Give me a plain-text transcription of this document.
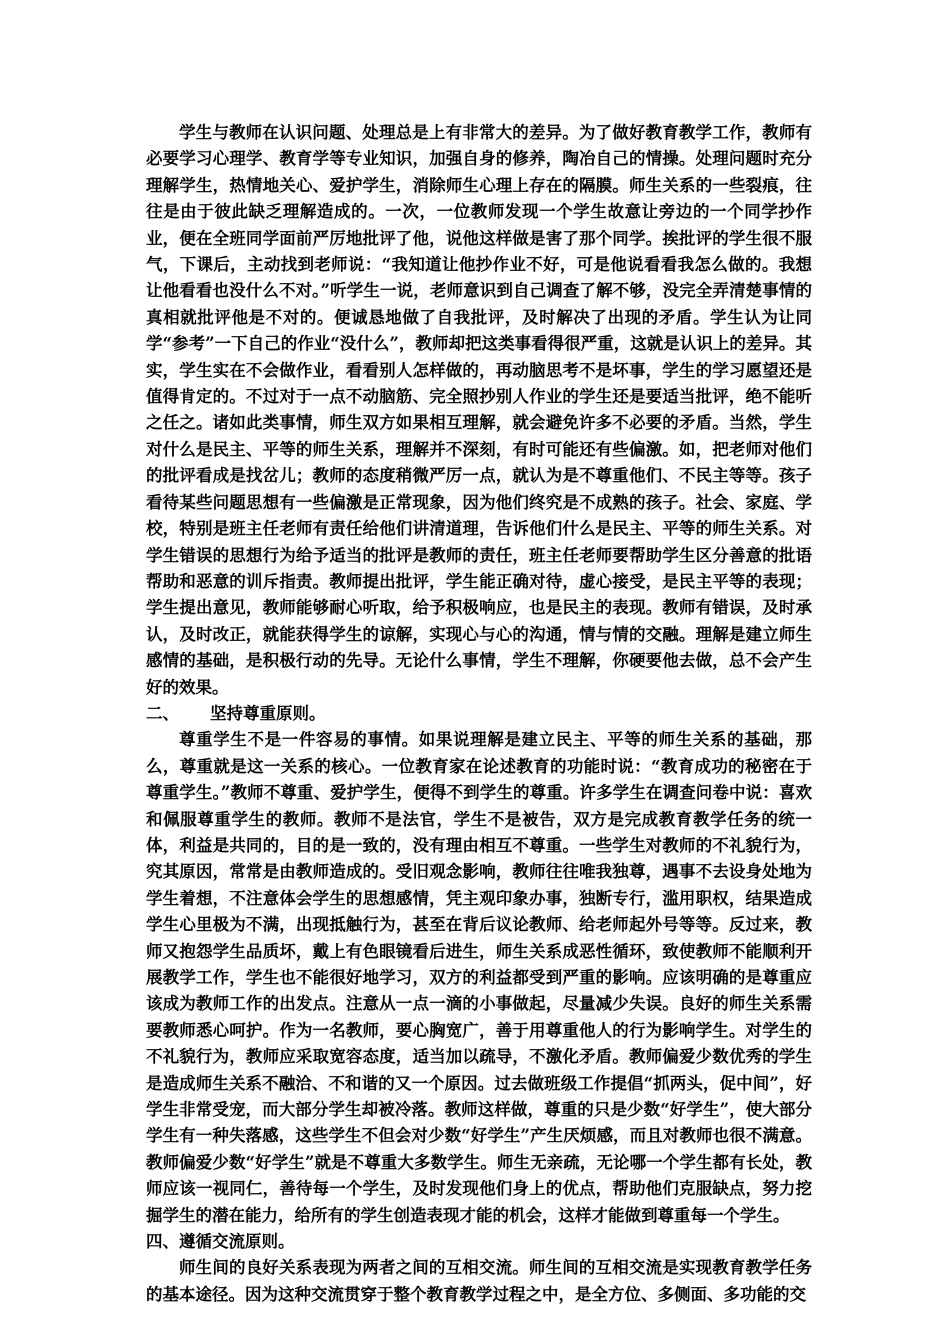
学生与教师在认识问题、处理总是上有非常大的差异。为了做好教育教学工作，教师有必要学习心理学、教育学等专业知识，加强自身的修养，陶冶自己的情操。处理问题时充分理解学生，热情地关心、爱护学生，消除师生心理上存在的隔膜。师生关系的一些裂痕，往往是由于彼此缺乏理解造成的。一次，一位教师发现一个学生故意让旁边的一个同学抄作业，便在全班同学面前严厉地批评了他，说他这样做是害了那个同学。挨批评的学生很不服气，下课后，主动找到老师说：“我知道让他抄作业不好，可是他说看看我怎么做的。我想让他看看也没什么不对。”听学生一说，老师意识到自己调查了解不够，没完全弄清楚事情的真相就批评他是不对的。便诚恳地做了自我批评，及时解决了出现的矛盾。学生认为让同学“参考”一下自己的作业“没什么”，教师却把这类事看得很严重，这就是认识上的差异。其实，学生实在不会做作业，看看别人怎样做的，再动脑思考不是坏事，学生的学习愿望还是值得肯定的。不过对于一点不动脑筋、完全照抄别人作业的学生还是要适当批评，绝不能听之任之。诸如此类事情，师生双方如果相互理解，就会避免许多不必要的矛盾。当然，学生对什么是民主、平等的师生关系，理解并不深刻，有时可能还有些偏激。如，把老师对他们的批评看成是找岔儿；教师的态度稍微严厉一点，就认为是不尊重他们、不民主等等。孩子看待某些问题思想有一些偏激是正常现象，因为他们终究是不成熟的孩子。社会、家庭、学校，特别是班主任老师有责任给他们讲清道理，告诉他们什么是民主、平等的师生关系。对学生错误的思想行为给予适当的批评是教师的责任，班主任老师要帮助学生区分善意的批语帮助和恶意的训斥指责。教师提出批评，学生能正确对待，虚心接受，是民主平等的表现；学生提出意见，教师能够耐心听取，给予积极响应，也是民主的表现。教师有错误，及时承认，及时改正，就能获得学生的谅解，实现心与心的沟通，情与情的交融。理解是建立师生感情的基础，是积极行动的先导。无论什么事情，学生不理解，你硬要他去做，总不会产生好的效果。

二、 坚持尊重原则。

尊重学生不是一件容易的事情。如果说理解是建立民主、平等的师生关系的基础，那么，尊重就是这一关系的核心。一位教育家在论述教育的功能时说：“教育成功的秘密在于尊重学生。”教师不尊重、爱护学生，便得不到学生的尊重。许多学生在调查问卷中说：喜欢和佩服尊重学生的教师。教师不是法官，学生不是被告，双方是完成教育教学任务的统一体，利益是共同的，目的是一致的，没有理由相互不尊重。一些学生对教师的不礼貌行为，究其原因，常常是由教师造成的。受旧观念影响，教师往往唯我独尊，遇事不去设身处地为学生着想，不注意体会学生的思想感情，凭主观印象办事，独断专行，滥用职权，结果造成学生心里极为不满，出现抵触行为，甚至在背后议论教师、给老师起外号等等。反过来，教师又抱怨学生品质坏，戴上有色眼镜看后进生，师生关系成恶性循环，致使教师不能顺利开展教学工作，学生也不能很好地学习，双方的利益都受到严重的影响。应该明确的是尊重应该成为教师工作的出发点。注意从一点一滴的小事做起，尽量减少失误。良好的师生关系需要教师悉心呵护。作为一名教师，要心胸宽广，善于用尊重他人的行为影响学生。对学生的不礼貌行为，教师应采取宽容态度，适当加以疏导，不激化矛盾。教师偏爱少数优秀的学生是造成师生关系不融洽、不和谐的又一个原因。过去做班级工作提倡“抓两头，促中间”，好学生非常受宠，而大部分学生却被冷落。教师这样做，尊重的只是少数“好学生”，使大部分学生有一种失落感，这些学生不但会对少数“好学生”产生厌烦感，而且对教师也很不满意。教师偏爱少数“好学生”就是不尊重大多数学生。师生无亲疏，无论哪一个学生都有长处，教师应该一视同仁，善待每一个学生，及时发现他们身上的优点，帮助他们克服缺点，努力挖掘学生的潜在能力，给所有的学生创造表现才能的机会，这样才能做到尊重每一个学生。

四、遵循交流原则。

师生间的良好关系表现为两者之间的互相交流。师生间的互相交流是实现教育教学任务的基本途径。因为这种交流贯穿于整个教育教学过程之中，是全方位、多侧面、多功能的交
